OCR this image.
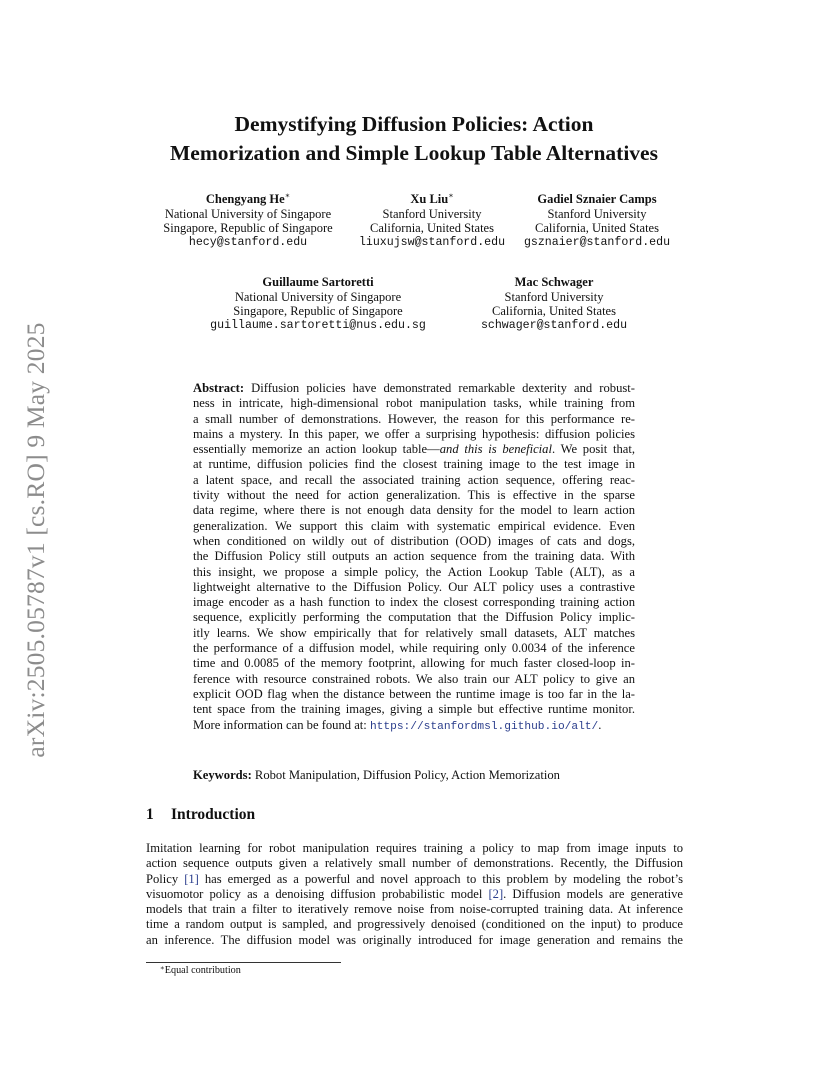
arXiv:2505.05787v1 [cs.RO] 9 May 2025
Demystifying Diffusion Policies: Action
Memorization and Simple Lookup Table Alternatives
Chengyang He∗
National University of Singapore
Singapore, Republic of Singapore
hecy@stanford.edu
Xu Liu∗
Stanford University
California, United States
liuxujsw@stanford.edu
Gadiel Sznaier Camps
Stanford University
California, United States
gsznaier@stanford.edu
Guillaume Sartoretti
National University of Singapore
Singapore, Republic of Singapore
guillaume.sartoretti@nus.edu.sg
Mac Schwager
Stanford University
California, United States
schwager@stanford.edu
Abstract: Diffusion policies have demonstrated remarkable dexterity and robust-
ness in intricate, high-dimensional robot manipulation tasks, while training from
a small number of demonstrations. However, the reason for this performance re-
mains a mystery. In this paper, we offer a surprising hypothesis: diffusion policies
essentially memorize an action lookup table—and this is beneficial. We posit that,
at runtime, diffusion policies find the closest training image to the test image in
a latent space, and recall the associated training action sequence, offering reac-
tivity without the need for action generalization. This is effective in the sparse
data regime, where there is not enough data density for the model to learn action
generalization. We support this claim with systematic empirical evidence. Even
when conditioned on wildly out of distribution (OOD) images of cats and dogs,
the Diffusion Policy still outputs an action sequence from the training data. With
this insight, we propose a simple policy, the Action Lookup Table (ALT), as a
lightweight alternative to the Diffusion Policy. Our ALT policy uses a contrastive
image encoder as a hash function to index the closest corresponding training action
sequence, explicitly performing the computation that the Diffusion Policy implic-
itly learns. We show empirically that for relatively small datasets, ALT matches
the performance of a diffusion model, while requiring only 0.0034 of the inference
time and 0.0085 of the memory footprint, allowing for much faster closed-loop in-
ference with resource constrained robots. We also train our ALT policy to give an
explicit OOD flag when the distance between the runtime image is too far in the la-
tent space from the training images, giving a simple but effective runtime monitor.
More information can be found at: https://stanfordmsl.github.io/alt/.
Keywords: Robot Manipulation, Diffusion Policy, Action Memorization
1 Introduction
Imitation learning for robot manipulation requires training a policy to map from image inputs to
action sequence outputs given a relatively small number of demonstrations. Recently, the Diffusion
Policy [1] has emerged as a powerful and novel approach to this problem by modeling the robot’s
visuomotor policy as a denoising diffusion probabilistic model [2]. Diffusion models are generative
models that train a filter to iteratively remove noise from noise-corrupted training data. At inference
time a random output is sampled, and progressively denoised (conditioned on the input) to produce
an inference. The diffusion model was originally introduced for image generation and remains the
∗Equal contribution
